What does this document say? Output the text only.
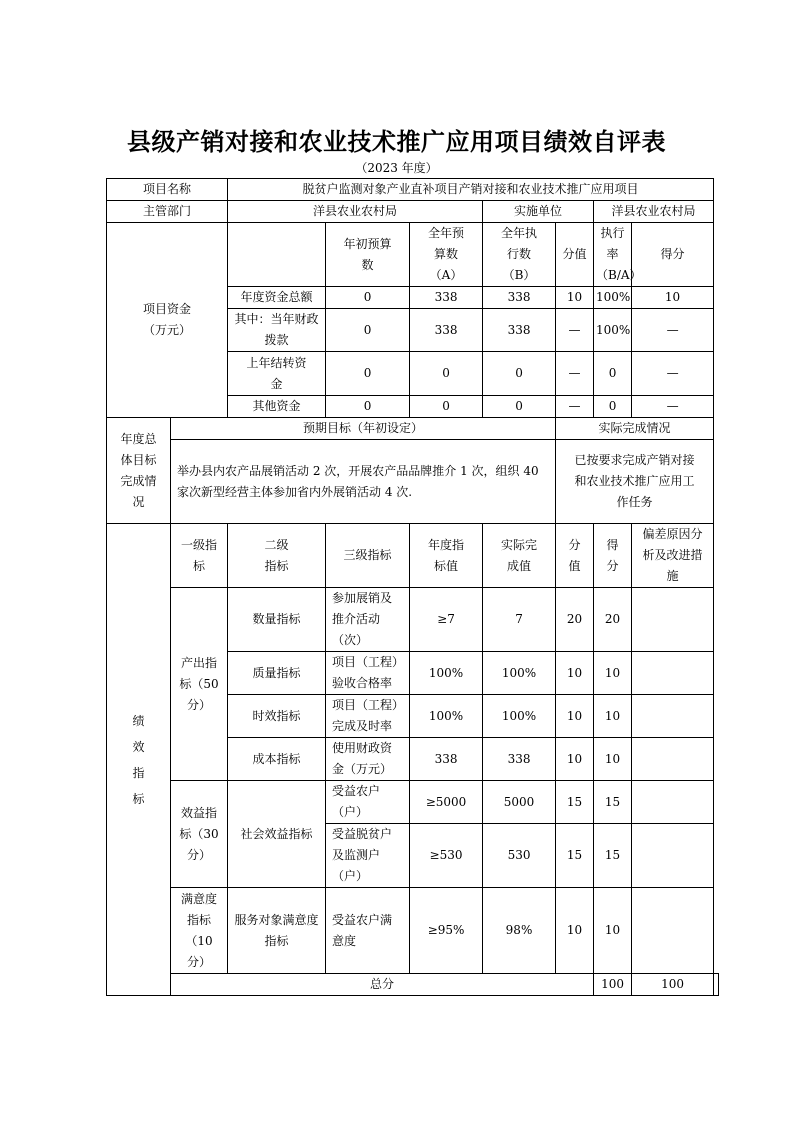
县级产销对接和农业技术推广应用项目绩效自评表
（2023 年度）
项目名称		脱贫户监测对象产业直补项目产销对接和农业技术推广应用项目							
主管部门		洋县农业农村局			实施单位		洋县农业农村局		

项目资金
（万元）			年初预算数	全年预算数（A）	全年执行数（B）	分值	执行率（B/A）	得分	
		年度资金总额	0	338	338	10	100%	10	
		其中：当年财政拨款	0	338	338	—	100%	—	
		上年结转资金	0	0	0	—	0	—	
		其他资金	0	0	0	—	0	—	
年度总体目标完成情况	预期目标（年初设定）					实际完成情况			
	举办县内农产品展销活动 2 次，开展农产品品牌推介 1 次，组织 40 家次新型经营主体参加省内外展销活动 4 次.					已按要求完成产销对接和农业技术推广应用工作任务			

绩效指标	一级指标	二级指标	三级指标	年度指标值	实际完成值	分值	得分	偏差原因分析及改进措施	
	产出指标（50分）	数量指标	参加展销及推介活动（次）	≥7	7	20	20		
		质量指标	项目（工程）验收合格率	100%	100%	10	10		
		时效指标	项目（工程）完成及时率	100%	100%	10	10		
		成本指标	使用财政资金（万元）	338	338	10	10		
	效益指标（30分）	社会效益指标	受益农户（户）	≥5000	5000	15	15		
			受益脱贫户及监测户（户）	≥530	530	15	15		
	满意度指标（10分）	服务对象满意度指标	受益农户满意度	≥95%	98%	10	10		
	总分						100	100	
